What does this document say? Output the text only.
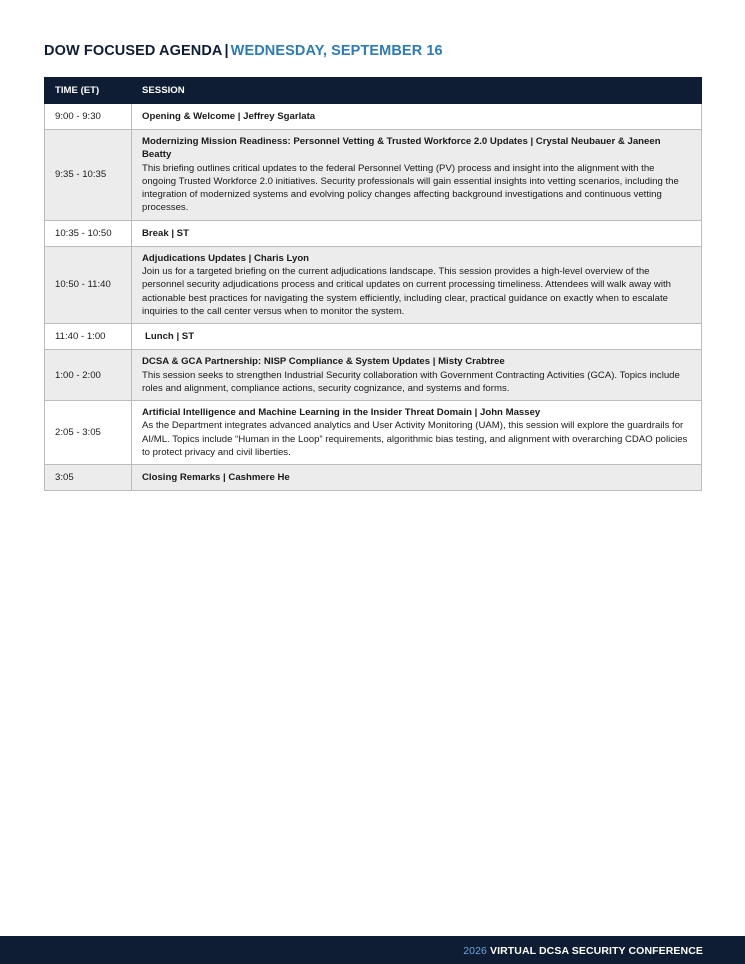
DOW FOCUSED AGENDA | WEDNESDAY, SEPTEMBER 16
TIME (ET)	SESSION
9:00 - 9:30	Opening & Welcome | Jeffrey Sgarlata

9:35 - 10:35	Modernizing Mission Readiness: Personnel Vetting & Trusted Workforce 2.0 Updates | Crystal Neubauer & Janeen Beatty
This briefing outlines critical updates to the federal Personnel Vetting (PV) process and insight into the alignment with the ongoing Trusted Workforce 2.0 initiatives. Security professionals will gain essential insights into vetting scenarios, including the integration of modernized systems and evolving policy changes affecting background investigations and continuous vetting processes.

10:35 - 10:50	Break | ST

10:50 - 11:40	Adjudications Updates | Charis Lyon
Join us for a targeted briefing on the current adjudications landscape. This session provides a high-level overview of the personnel security adjudications process and critical updates on current processing timeliness. Attendees will walk away with actionable best practices for navigating the system efficiently, including clear, practical guidance on exactly when to escalate inquiries to the call center versus when to monitor the system.

11:40 - 1:00	Lunch | ST

1:00 - 2:00	DCSA & GCA Partnership: NISP Compliance & System Updates | Misty Crabtree
This session seeks to strengthen Industrial Security collaboration with Government Contracting Activities (GCA). Topics include roles and alignment, compliance actions, security cognizance, and systems and forms.

2:05 - 3:05	Artificial Intelligence and Machine Learning in the Insider Threat Domain | John Massey
As the Department integrates advanced analytics and User Activity Monitoring (UAM), this session will explore the guardrails for AI/ML. Topics include “Human in the Loop” requirements, algorithmic bias testing, and alignment with overarching CDAO policies to protect privacy and civil liberties.

3:05	Closing Remarks | Cashmere He
2026 VIRTUAL DCSA SECURITY CONFERENCE
